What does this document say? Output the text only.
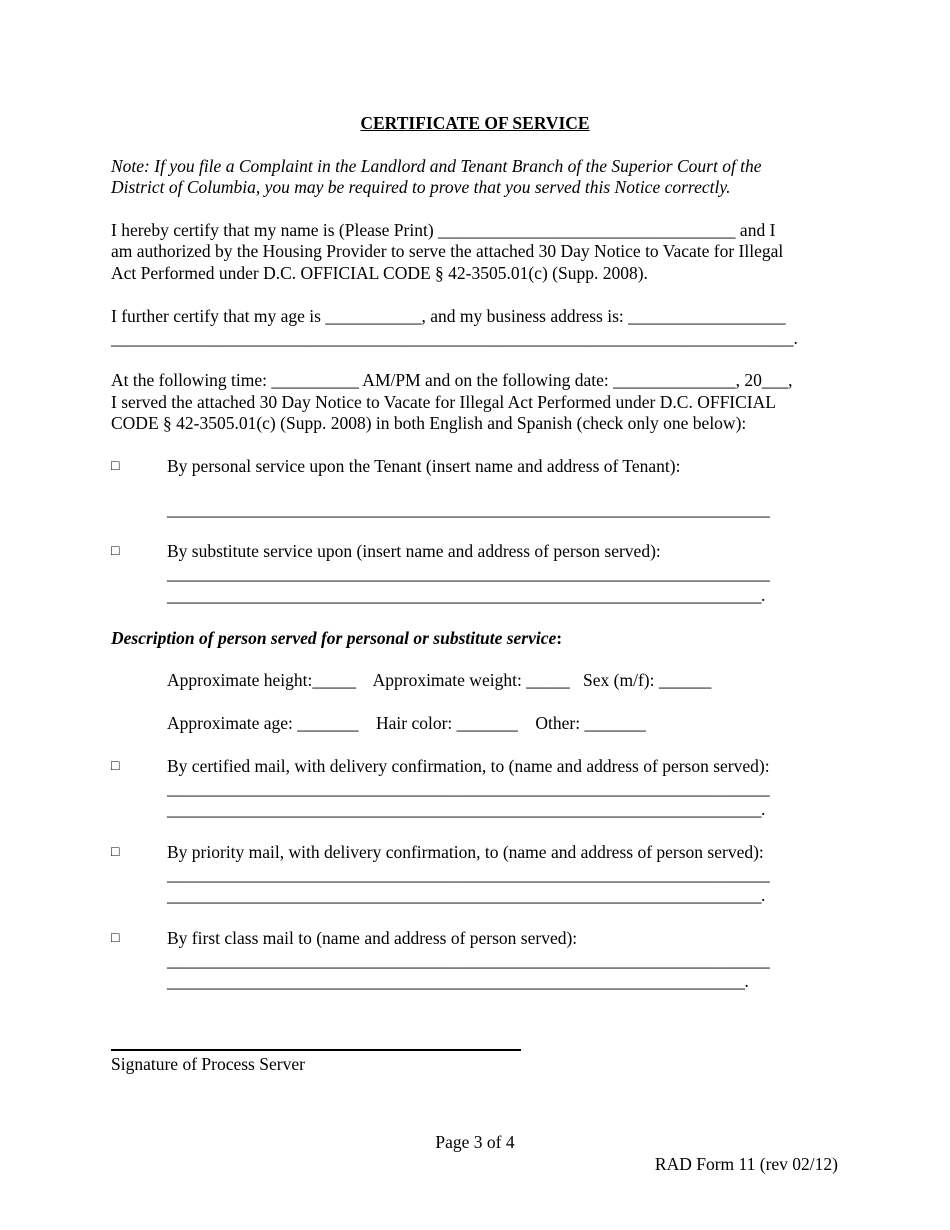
CERTIFICATE OF SERVICE
Note: If you file a Complaint in the Landlord and Tenant Branch of the Superior Court of the
District of Columbia, you may be required to prove that you served this Notice correctly.
I hereby certify that my name is (Please Print) __________________________________ and I
am authorized by the Housing Provider to serve the attached 30 Day Notice to Vacate for Illegal
Act Performed under D.C. OFFICIAL CODE § 42-3505.01(c) (Supp. 2008).
I further certify that my age is ___________, and my business address is: __________________
______________________________________________________________________________.
At the following time: __________ AM/PM and on the following date: ______________, 20___,
I served the attached 30 Day Notice to Vacate for Illegal Act Performed under D.C. OFFICIAL
CODE § 42-3505.01(c) (Supp. 2008) in both English and Spanish (check only one below):
□	By personal service upon the Tenant (insert name and address of Tenant):
_________________________________________________________________________
□	By substitute service upon (insert name and address of person served):
_________________________________________________________________________
________________________________________________________________________.
Description of person served for personal or substitute service:
Approximate height:_____    Approximate weight: _____   Sex (m/f): ______
Approximate age: _______    Hair color: _______    Other: _______
□	By certified mail, with delivery confirmation, to (name and address of person served):
_________________________________________________________________________
________________________________________________________________________.
□	By priority mail, with delivery confirmation, to (name and address of person served):
_________________________________________________________________________
________________________________________________________________________.
□	By first class mail to (name and address of person served):
_________________________________________________________________________
______________________________________________________________________.
Signature of Process Server
Page 3 of 4
RAD Form 11 (rev 02/12)
